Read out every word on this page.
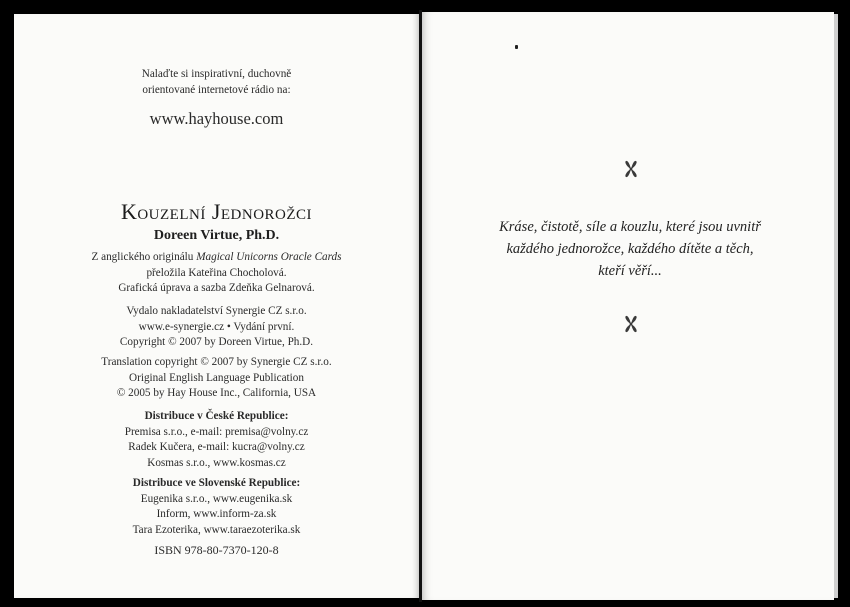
Nalaďte si inspirativní, duchovně
orientované internetové rádio na:
www.hayhouse.com
Kouzelní Jednorožci
Doreen Virtue, Ph.D.
Z anglického originálu Magical Unicorns Oracle Cards
přeložila Kateřina Chocholová.
Grafická úprava a sazba Zdeňka Gelnarová.
Vydalo nakladatelství Synergie CZ s.r.o.
www.e-synergie.cz • Vydání první.
Copyright © 2007 by Doreen Virtue, Ph.D.
Translation copyright © 2007 by Synergie CZ s.r.o.
Original English Language Publication
© 2005 by Hay House Inc., California, USA
Distribuce v České Republice:
Premisa s.r.o., e-mail: premisa@volny.cz
Radek Kučera, e-mail: kucra@volny.cz
Kosmas s.r.o., www.kosmas.cz
Distribuce ve Slovenské Republice:
Eugenika s.r.o., www.eugenika.sk
Inform, www.inform-za.sk
Tara Ezoterika, www.taraezoterika.sk
ISBN 978-80-7370-120-8
Kráse, čistotě, síle a kouzlu, které jsou uvnitř
každého jednorožce, každého dítěte a těch,
kteří věří...
